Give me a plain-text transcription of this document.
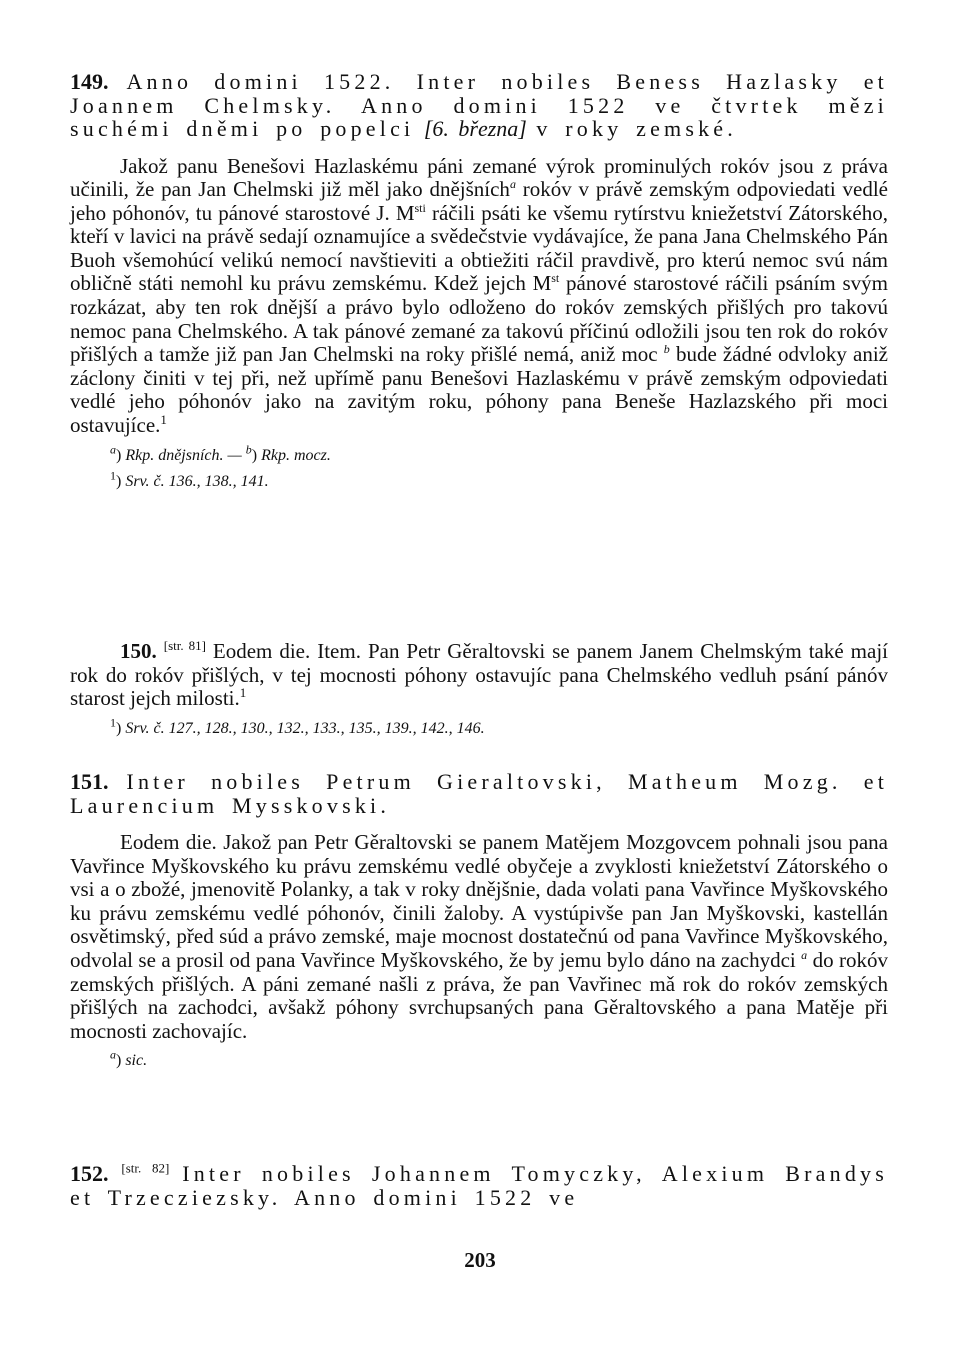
149. Anno domini 1522. Inter nobiles Beness Hazlasky et Joannem Chelmsky. Anno domini 1522 ve čtvrtek mězi suchémi dněmi po popelci [6. března] v roky zemské.

Jakož panu Benešovi Hazlaskému páni zemané výrok prominulých rokóv jsou z práva učinili, že pan Jan Chelmski již měl jako dnějšních$^a$ rokóv v právě zemským odpoviedati vedlé jeho póhonóv, tu pánové starostové J. $M^{sti}$ ráčili psáti ke všemu rytírstvu kniežetství Zátorského, kteří v lavici na právě sedají oznamujíce a svědečstvie vydávajíce, že pana Jana Chelmského Pán Buoh všemohúcí velikú nemocí navštieviti a obtiežiti ráčil pravdivě, pro kterú nemoc svú nám obličně státi nemohl ku právu zemskému. Kdež jejch Mst pánové starostové ráčili psáním svým rozkázat, aby ten rok dnější a právo bylo odloženo do rokóv zemských přišlých pro takovú nemoc pana Chelmského. A tak pánové zemané za takovú příčinú odložili jsou ten rok do rokóv přišlých a tamže již pan Jan Chelmski na roky přišlé nemá, aniž moc $^b$ bude žádné odvloky aniž záclony činiti v tej při, než upřímě panu Benešovi Hazlaskému v právě zemským odpoviedati vedlé jeho póhonóv jako na zavitým roku, póhony pana Beneše Hazlazského při moci ostavujíce.$^1$

$^a$) Rkp. dnějsních. — $^b$) Rkp. mocz.

$^1$) Srv. č. 136., 138., 141.

150. [str. 81] Eodem die. Item. Pan Petr Gěraltovski se panem Janem Chelmským také mají rok do rokóv přišlých, v tej mocnosti póhony ostavujíc pana Chelmského vedluh psání pánóv starost jejch milosti.$^1$

$^1$) Srv. č. 127., 128., 130., 132., 133., 135., 139., 142., 146.

151. Inter nobiles Petrum Gieraltovski, Matheum Mozg. et Laurencium Mysskovski.

Eodem die. Jakož pan Petr Gěraltovski se panem Matějem Mozgovcem pohnali jsou pana Vavřince Myškovského ku právu zemskému vedlé obyčeje a zvyklosti kniežetství Zátorského o vsi a o zbožé, jmenovitě Polanky, a tak v roky dnějšnie, dada volati pana Vavřince Myškovského ku právu zemskému vedlé póhonóv, činili žaloby. A vystúpivše pan Jan Myškovski, kastellán osvětimský, před súd a právo zemské, maje mocnost dostatečnú od pana Vavřince Myškovského, odvolal se a prosil od pana Vavřince Myškovského, že by jemu bylo dáno na zachydci $^a$ do rokóv zemských přišlých. A páni zemané našli z práva, že pan Vavřinec mǎ rok do rokóv zemských přišlých na zachodci, avšakž póhony svrchupsaných pana Gěraltovského a pana Matěje při mocnosti zachovajíc.

$^a$) sic.

152. [str. 82] Inter nobiles Johannem Tomyczky, Alexium Brandys et Trzecziezsky. Anno domini 1522 ve
203
